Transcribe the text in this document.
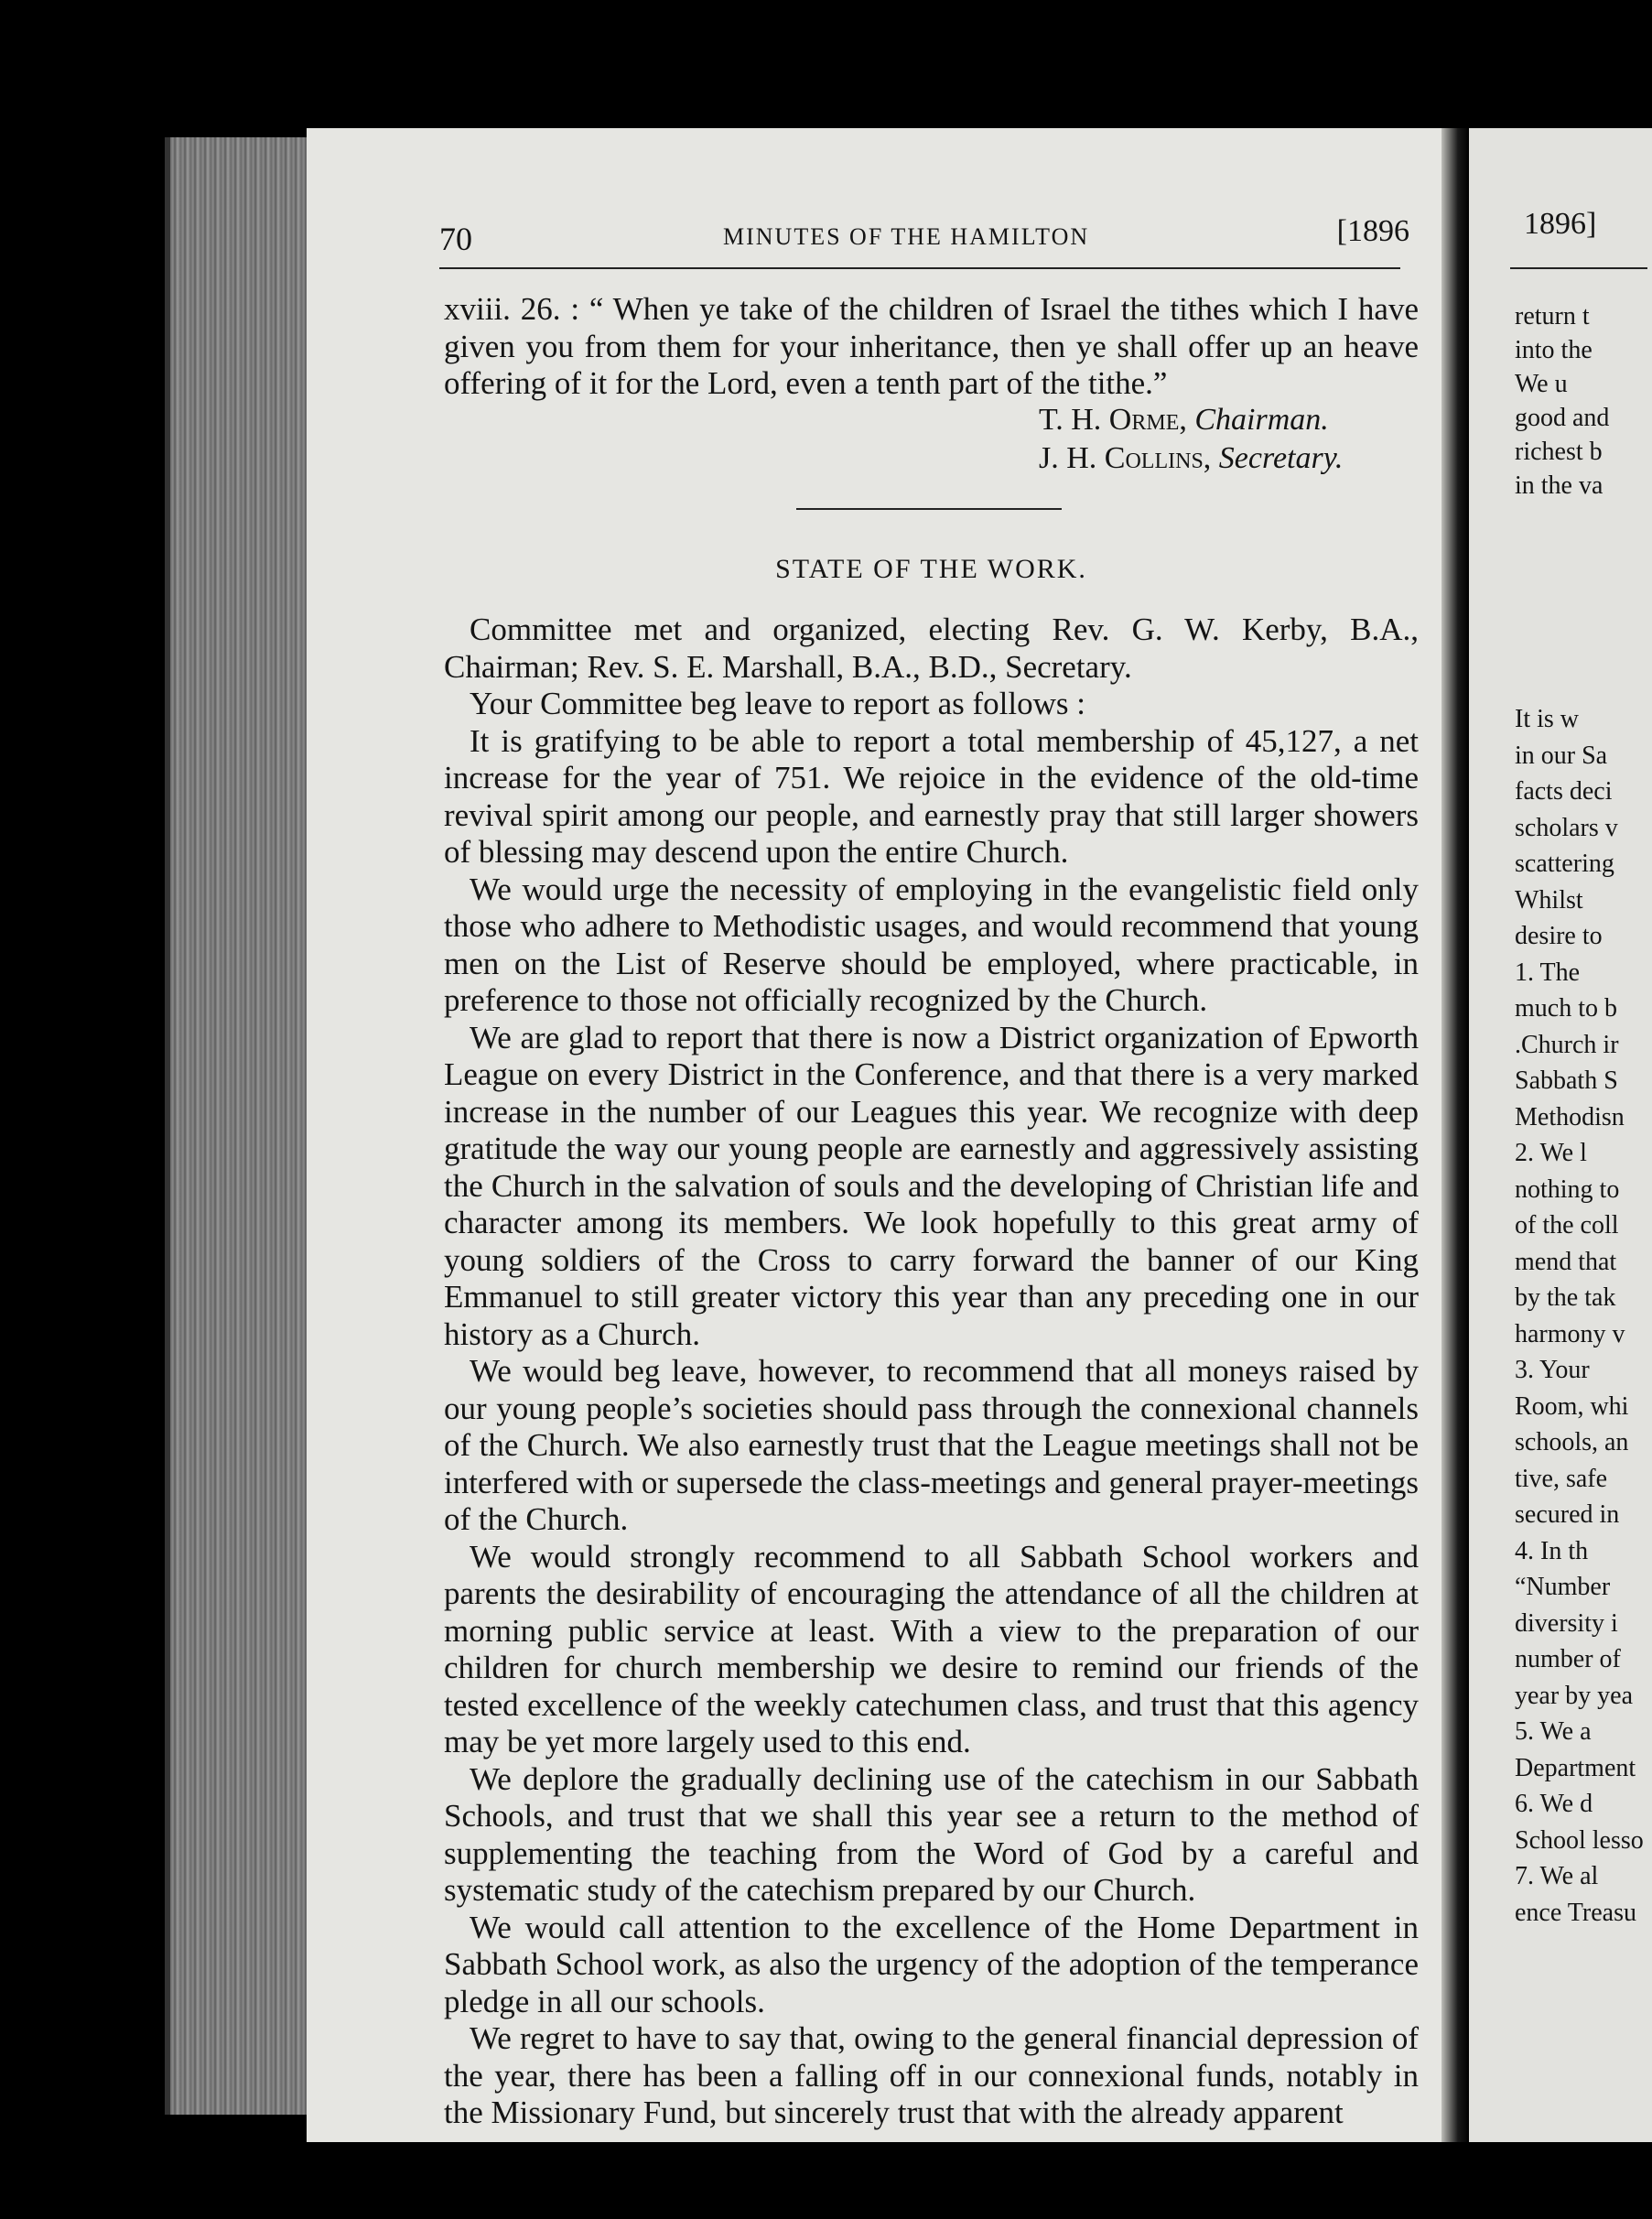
70	MINUTES OF THE HAMILTON	[1896

xviii. 26. : “ When ye take of the children of Israel the tithes which I have given you from them for your inheritance, then ye shall offer up an heave offering of it for the Lord, even a tenth part of the tithe.”

T. H. Orme, Chairman.
J. H. Collins, Secretary.
STATE OF THE WORK.

Committee met and organized, electing Rev. G. W. Kerby, B.A., Chairman; Rev. S. E. Marshall, B.A., B.D., Secretary.

Your Committee beg leave to report as follows :

It is gratifying to be able to report a total membership of 45,127, a net increase for the year of 751. We rejoice in the evidence of the old-time revival spirit among our people, and earnestly pray that still larger showers of blessing may descend upon the entire Church.

We would urge the necessity of employing in the evangelistic field only those who adhere to Methodistic usages, and would recommend that young men on the List of Reserve should be employed, where practicable, in preference to those not officially recognized by the Church.

We are glad to report that there is now a District organization of Epworth League on every District in the Conference, and that there is a very marked increase in the number of our Leagues this year. We recognize with deep gratitude the way our young people are earnestly and aggressively assisting the Church in the salvation of souls and the developing of Christian life and character among its members. We look hopefully to this great army of young soldiers of the Cross to carry forward the banner of our King Emmanuel to still greater victory this year than any preceding one in our history as a Church.

We would beg leave, however, to recommend that all moneys raised by our young people’s societies should pass through the connexional channels of the Church. We also earnestly trust that the League meetings shall not be interfered with or supersede the class-meetings and general prayer-meetings of the Church.

We would strongly recommend to all Sabbath School workers and parents the desirability of encouraging the attendance of all the children at morning public service at least. With a view to the preparation of our children for church membership we desire to remind our friends of the tested excellence of the weekly catechumen class, and trust that this agency may be yet more largely used to this end.

We deplore the gradually declining use of the catechism in our Sabbath Schools, and trust that we shall this year see a return to the method of supplementing the teaching from the Word of God by a careful and systematic study of the catechism prepared by our Church.

We would call attention to the excellence of the Home Department in Sabbath School work, as also the urgency of the adoption of the temperance pledge in all our schools.

We regret to have to say that, owing to the general financial depression of the year, there has been a falling off in our connexional funds, notably in the Missionary Fund, but sincerely trust that with the already apparent

1896]
return t
into the
We u
good and
richest b
in the va
It is w
in our Sa
facts deci
scholars v
scattering
Whilst
desire to
1. The
much to b
.Church ir
Sabbath S
Methodisn
2. We l
nothing to
of the coll
mend that
by the tak
harmony v
3. Your
Room, whi
schools, an
tive, safe
secured in
4. In th
“Number
diversity i
number of
year by yea
5. We a
Department
6. We d
School lesso
7. We al
ence Treasu
